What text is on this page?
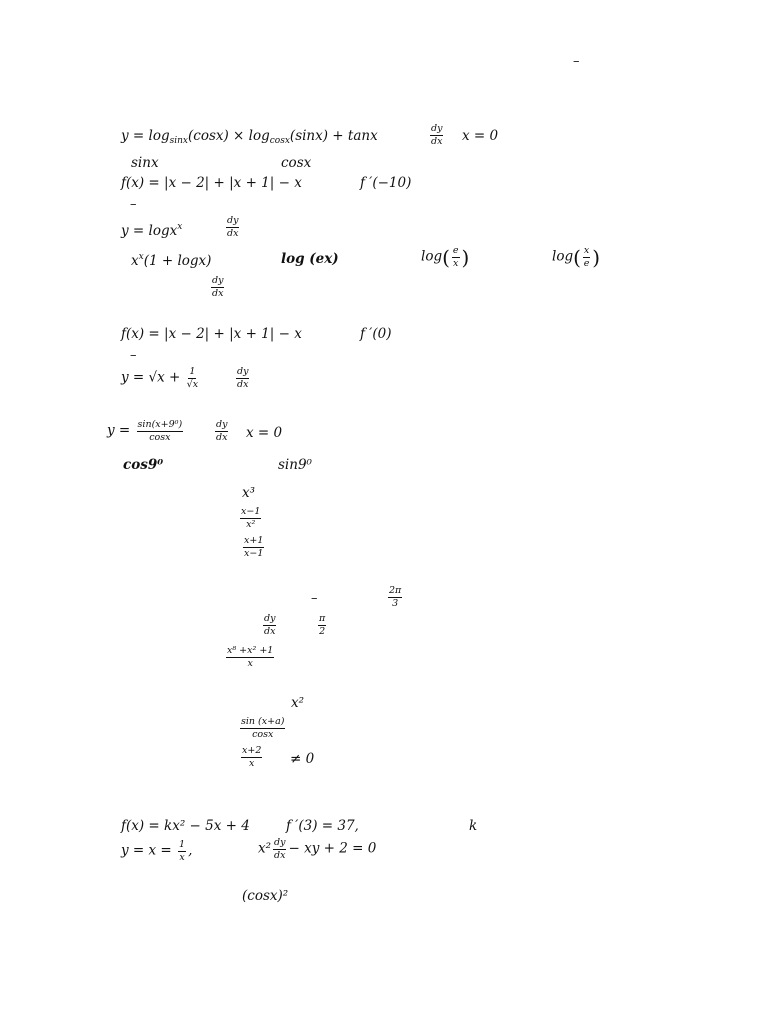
–
$y = \log_{sinx}(\cos x) \times \log_{cosx}(\sin x) + \tan x$	$\frac{dy}{dx}$ x = 0
sinx	cosx
f(x) = |x − 2| + |x + 1| − x	f ′(−10)
–
y = logx$^x$	$\frac{dy}{dx}$
$x^x(1 + \log x)$	log (ex)	$\log( \frac{e}{x}$ )	$\log( \frac{x}{e}$ )
$\frac{dy}{dx}$
f(x) = |x − 2| + |x + 1| − x	f ′(0)
–
$y = √x + \frac{1}{√x}$	$\frac{dy}{dx}$
$y = \frac{\text{sin(x+9⁰)}}{\cos x}$	$\frac{dy}{dx}$ x = 0
cos9⁰	sin9⁰
x³
$\frac{x-1}{\text{x²}}$
$\frac{x+1}{x-1}$
–	$\frac{2\pi}{3}$
$\frac{dy}{dx}$	$\frac{\pi}{2}$
$\frac{\text{x⁸ +x² +1}}{x}$
x²
$\frac{\sin (x+a)}{\cos x}$
$\frac{x+2}{x} \ne 0$
f(x) = kx² − 5x + 4	f ′(3) = 37,	k
$y = x = \frac{1}{x}$ ,	$x^2 \frac{dy}{dx}$ − xy + 2 = 0
(cosx)²
